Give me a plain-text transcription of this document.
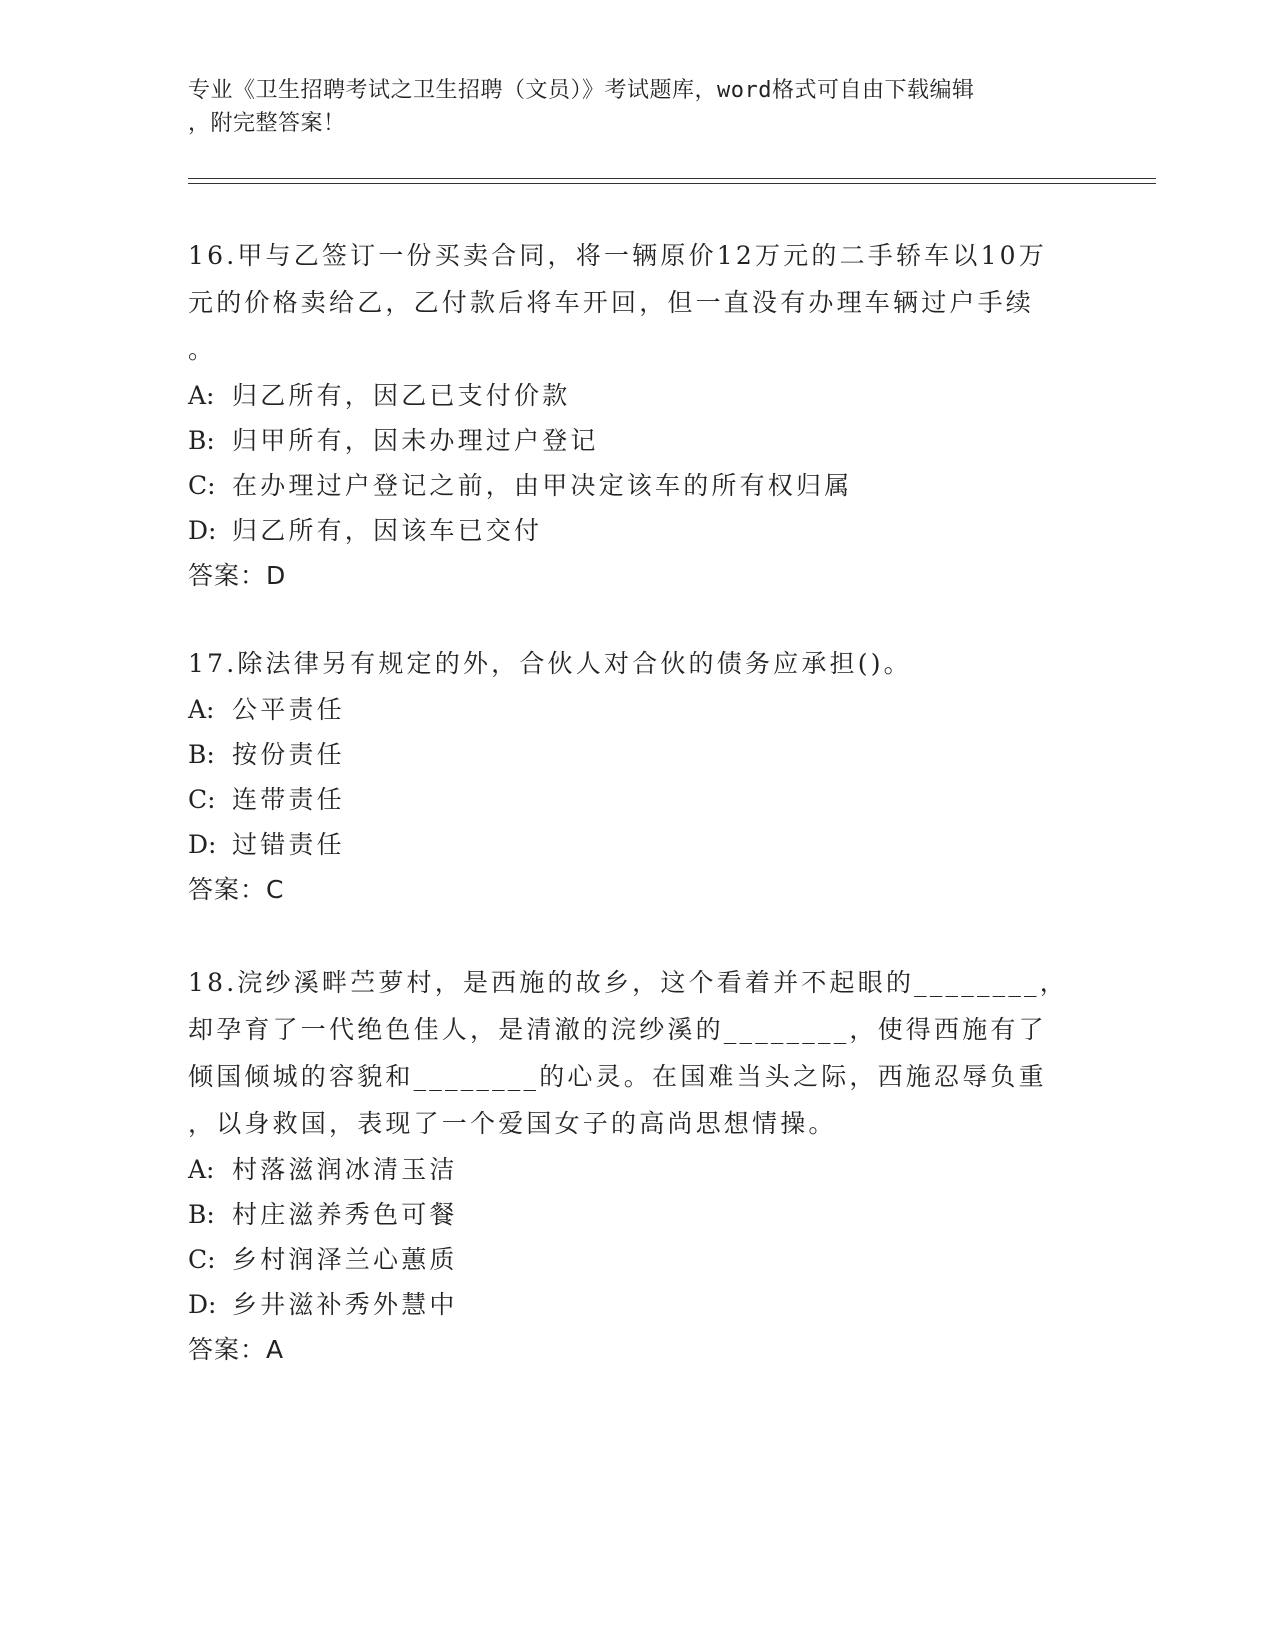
专业《卫生招聘考试之卫生招聘（文员）》考试题库，word格式可自由下载编辑
，附完整答案！
16.甲与乙签订一份买卖合同，将一辆原价12万元的二手轿车以10万
元的价格卖给乙，乙付款后将车开回，但一直没有办理车辆过户手续
。
A: 归乙所有，因乙已支付价款
B: 归甲所有，因未办理过户登记
C: 在办理过户登记之前，由甲决定该车的所有权归属
D: 归乙所有，因该车已交付
答案：D
17.除法律另有规定的外，合伙人对合伙的债务应承担()。
A: 公平责任
B: 按份责任
C: 连带责任
D: 过错责任
答案：C
18.浣纱溪畔苎萝村，是西施的故乡，这个看着并不起眼的________，
却孕育了一代绝色佳人，是清澈的浣纱溪的________，使得西施有了
倾国倾城的容貌和________的心灵。在国难当头之际，西施忍辱负重
，以身救国，表现了一个爱国女子的高尚思想情操。
A: 村落滋润冰清玉洁
B: 村庄滋养秀色可餐
C: 乡村润泽兰心蕙质
D: 乡井滋补秀外慧中
答案：A
